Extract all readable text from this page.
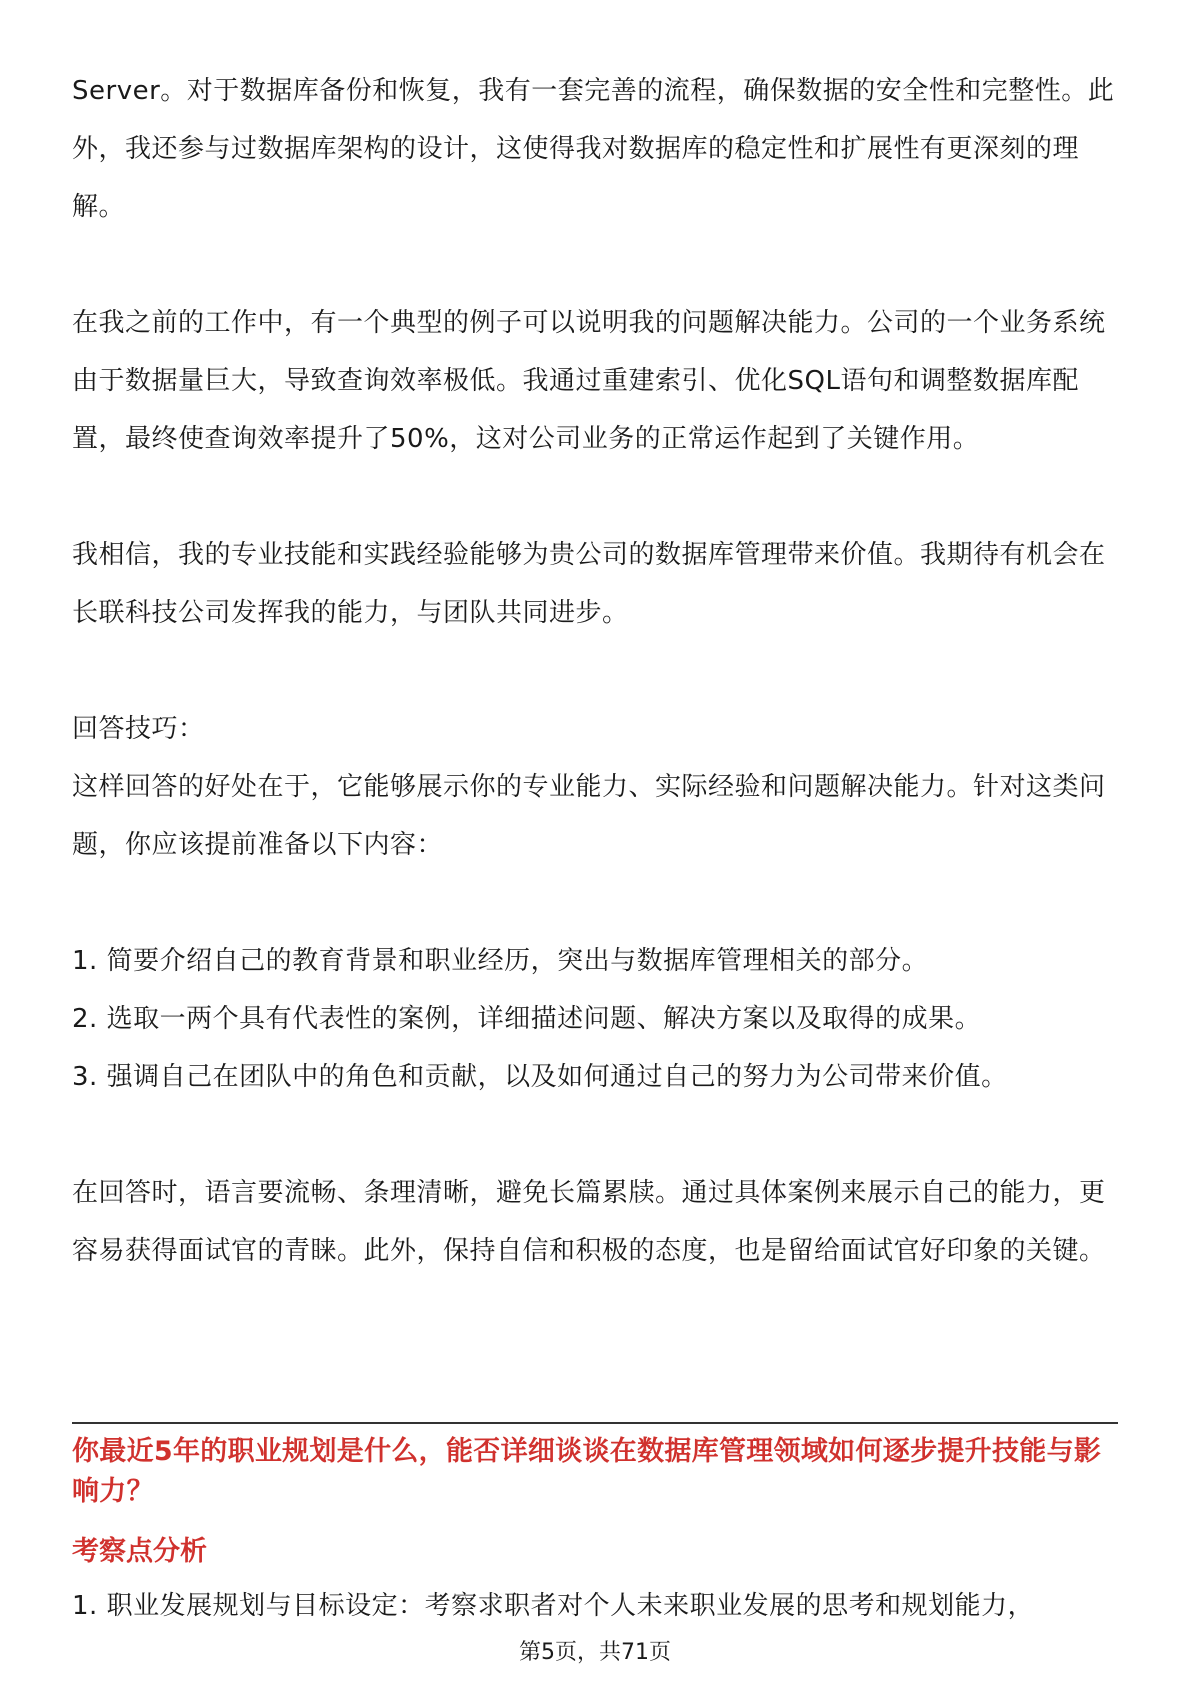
Server。对于数据库备份和恢复，我有一套完善的流程，确保数据的安全性和完整性。此外，我还参与过数据库架构的设计，这使得我对数据库的稳定性和扩展性有更深刻的理解。

在我之前的工作中，有一个典型的例子可以说明我的问题解决能力。公司的一个业务系统由于数据量巨大，导致查询效率极低。我通过重建索引、优化SQL语句和调整数据库配置，最终使查询效率提升了50%，这对公司业务的正常运作起到了关键作用。

我相信，我的专业技能和实践经验能够为贵公司的数据库管理带来价值。我期待有机会在长联科技公司发挥我的能力，与团队共同进步。

回答技巧：

这样回答的好处在于，它能够展示你的专业能力、实际经验和问题解决能力。针对这类问题，你应该提前准备以下内容：

1. 简要介绍自己的教育背景和职业经历，突出与数据库管理相关的部分。

2. 选取一两个具有代表性的案例，详细描述问题、解决方案以及取得的成果。

3. 强调自己在团队中的角色和贡献，以及如何通过自己的努力为公司带来价值。

在回答时，语言要流畅、条理清晰，避免长篇累牍。通过具体案例来展示自己的能力，更容易获得面试官的青睐。此外，保持自信和积极的态度，也是留给面试官好印象的关键。

你最近5年的职业规划是什么，能否详细谈谈在数据库管理领域如何逐步提升技能与影响力？

考察点分析

1. 职业发展规划与目标设定：考察求职者对个人未来职业发展的思考和规划能力，

第5页，共71页
